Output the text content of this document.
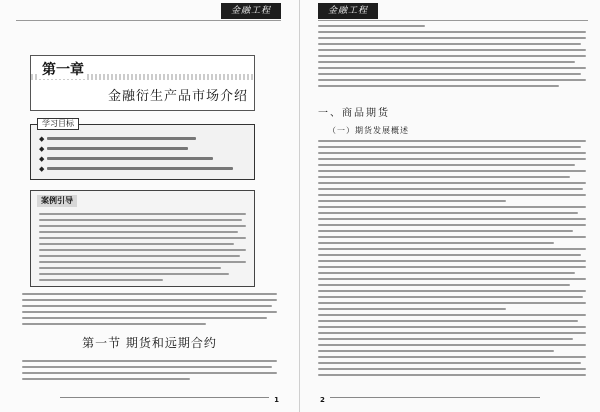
金融工程
第一章
金融衍生产品市场介绍
学习目标
◆
◆
◆
◆
案例引导
第一节 期货和远期合约
1
金融工程
一、商品期货
（一）期货发展概述
2
